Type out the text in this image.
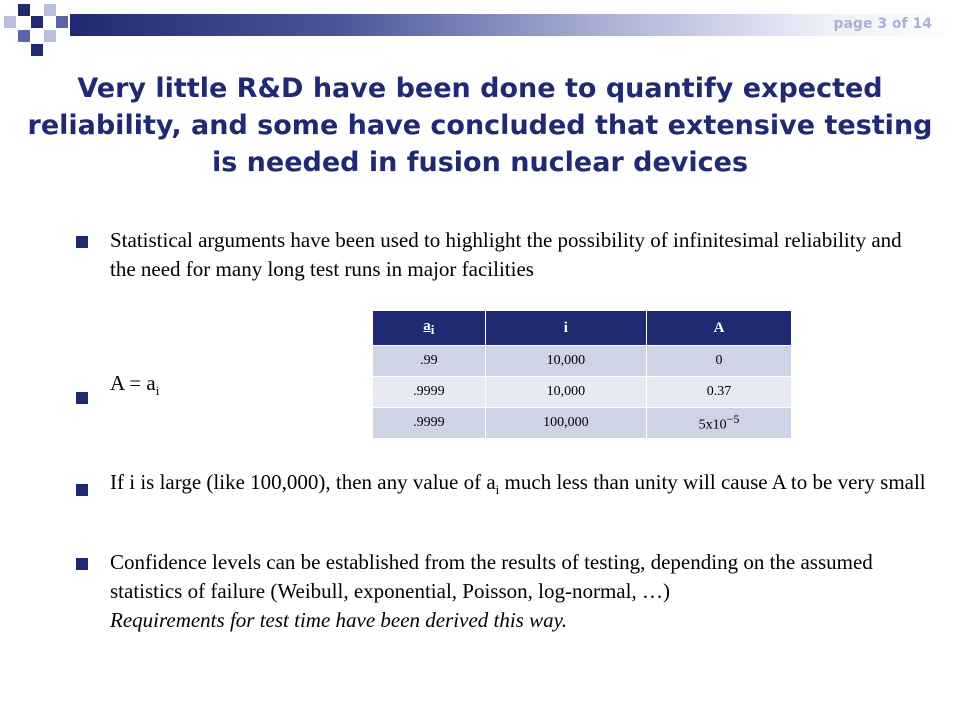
page 3 of 14
Very little R&D have been done to quantify expected reliability, and some have concluded that extensive testing is needed in fusion nuclear devices
Statistical arguments have been used to highlight the possibility of infinitesimal reliability and the need for many long test runs in major facilities
$A = a_i$
If i is large (like 100,000), then any value of $a_i$ much less than unity will cause A to be very small
Confidence levels can be established from the results of testing, depending on the assumed statistics of failure (Weibull, exponential, Poisson, log-normal, …)
Requirements for test time have been derived this way.
$a_i$	i	A
.99	10,000	0
.9999	10,000	0.37
.9999	100,000	$5x10^{-5}$
